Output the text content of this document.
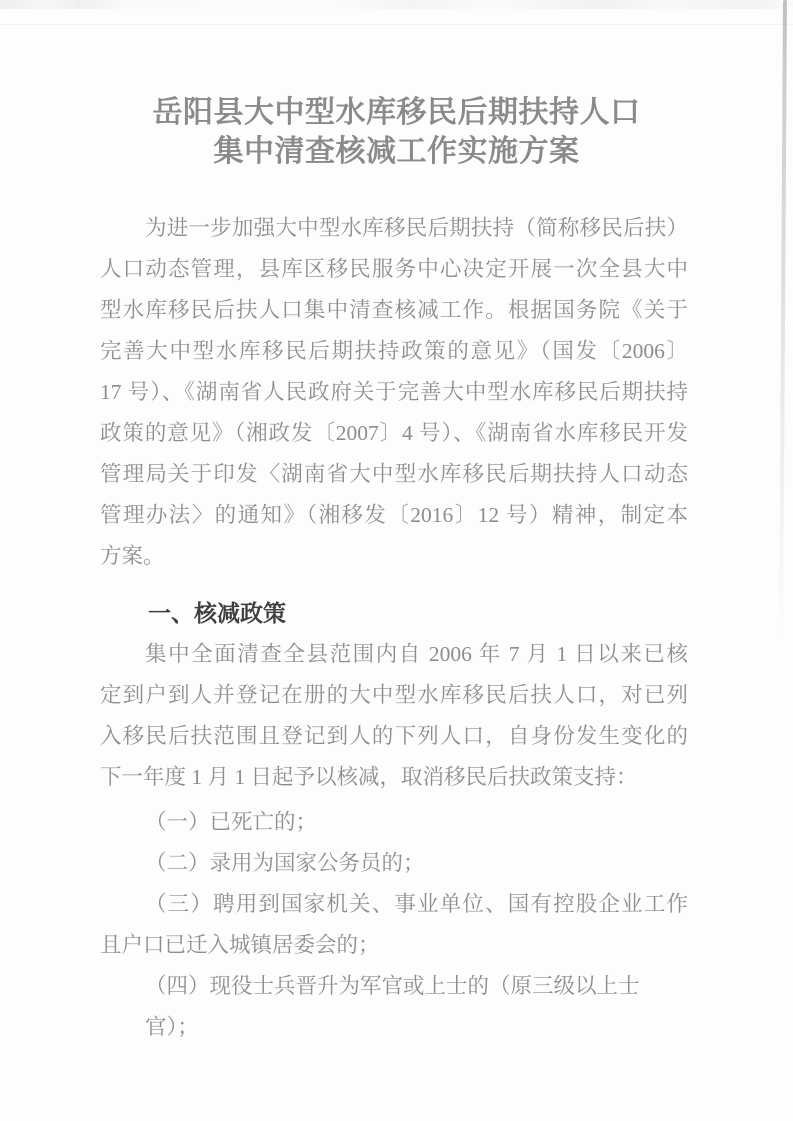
岳阳县大中型水库移民后期扶持人口
集中清查核减工作实施方案

为进一步加强大中型水库移民后期扶持（简称移民后扶）
人口动态管理，县库区移民服务中心决定开展一次全县大中
型水库移民后扶人口集中清查核减工作。根据国务院《关于
完善大中型水库移民后期扶持政策的意见》（国发〔2006〕
17 号）、《湖南省人民政府关于完善大中型水库移民后期扶持
政策的意见》（湘政发〔2007〕4 号）、《湖南省水库移民开发
管理局关于印发〈湖南省大中型水库移民后期扶持人口动态
管理办法〉的通知》（湘移发〔2016〕12 号）精神，制定本
方案。

一、核减政策

集中全面清查全县范围内自 2006 年 7 月 1 日以来已核
定到户到人并登记在册的大中型水库移民后扶人口，对已列
入移民后扶范围且登记到人的下列人口，自身份发生变化的
下一年度 1 月 1 日起予以核减，取消移民后扶政策支持：

（一）已死亡的；
（二）录用为国家公务员的；
（三）聘用到国家机关、事业单位、国有控股企业工作
且户口已迁入城镇居委会的；
（四）现役士兵晋升为军官或上士的（原三级以上士官）；
